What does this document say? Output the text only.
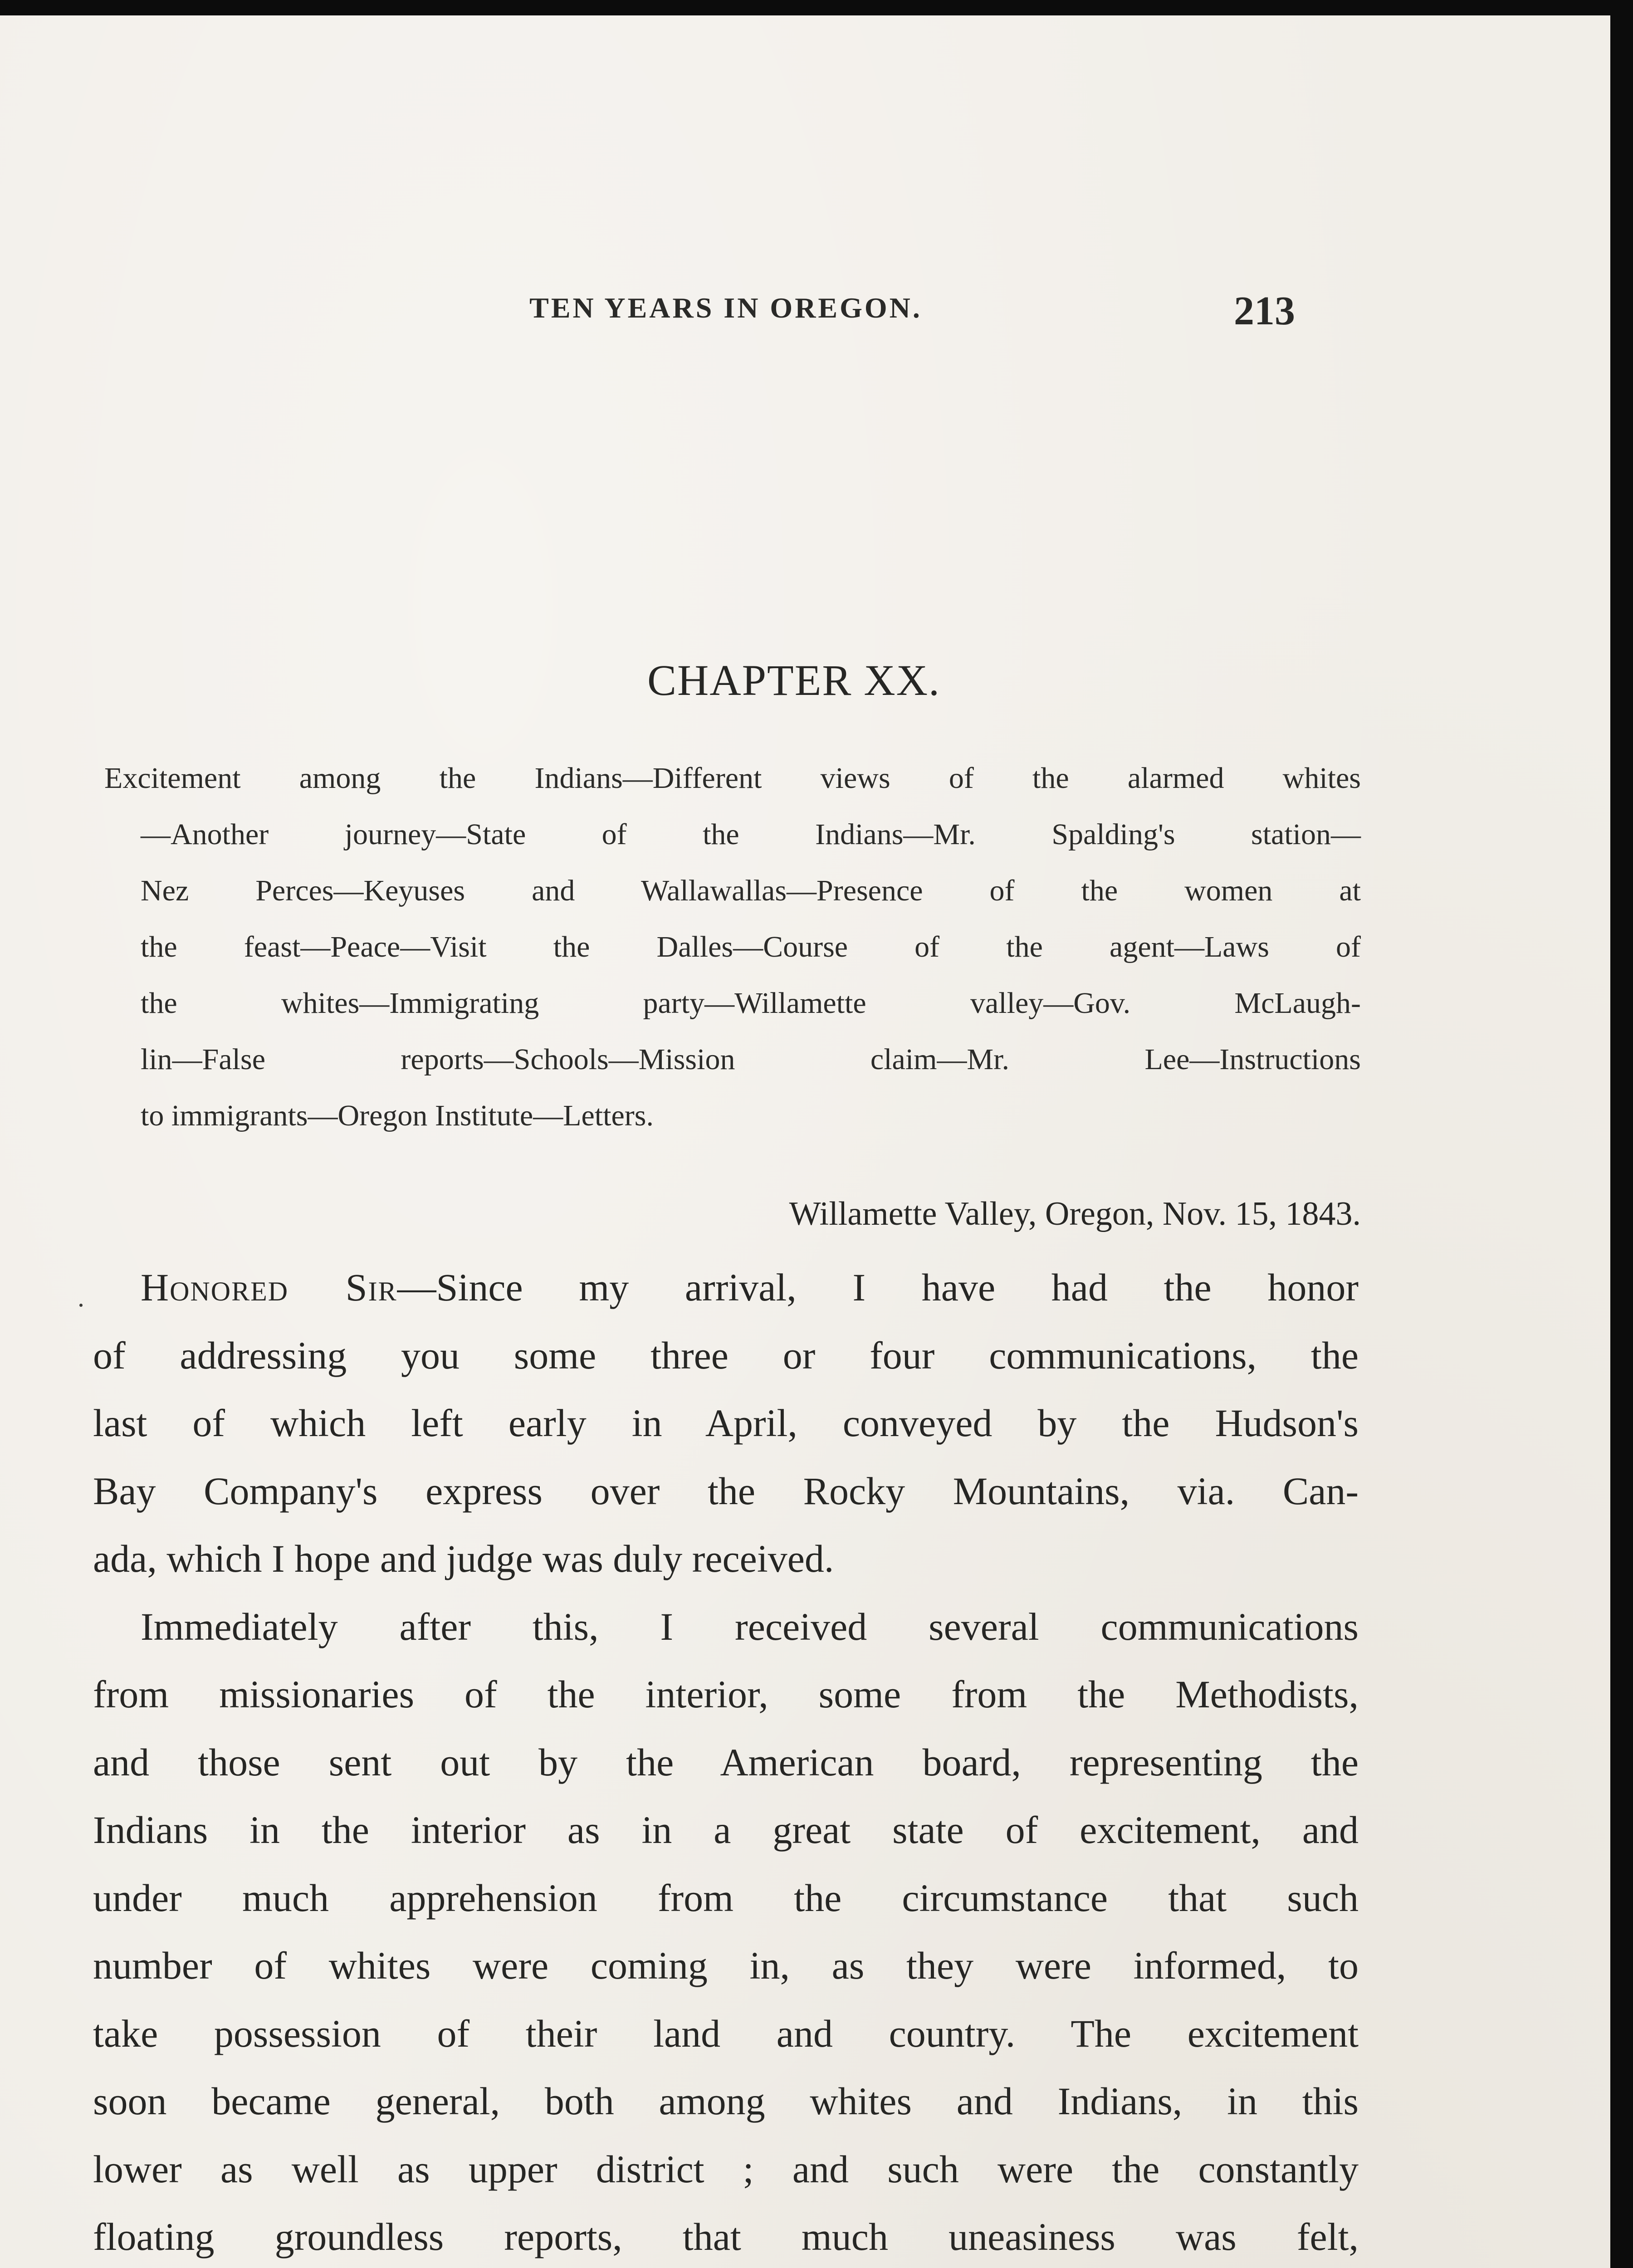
TEN YEARS IN OREGON.	213
CHAPTER XX.
Excitement among the Indians—Different views of the alarmed whites
—Another journey—State of the Indians—Mr. Spalding's station—
Nez Perces—Keyuses and Wallawallas—Presence of the women at
the feast—Peace—Visit the Dalles—Course of the agent—Laws of
the whites—Immigrating party—Willamette valley—Gov. McLaugh-
lin—False reports—Schools—Mission claim—Mr. Lee—Instructions
to immigrants—Oregon Institute—Letters.
Willamette Valley, Oregon, Nov. 15, 1843.
Honored Sir—Since my arrival, I have had the honor
of addressing you some three or four communications, the
last of which left early in April, conveyed by the Hudson's
Bay Company's express over the Rocky Mountains, via. Can-
ada, which I hope and judge was duly received.
Immediately after this, I received several communications
from missionaries of the interior, some from the Methodists,
and those sent out by the American board, representing the
Indians in the interior as in a great state of excitement, and
under much apprehension from the circumstance that such
number of whites were coming in, as they were informed, to
take possession of their land and country. The excitement
soon became general, both among whites and Indians, in this
lower as well as upper district ; and such were the constantly
floating groundless reports, that much uneasiness was felt,
